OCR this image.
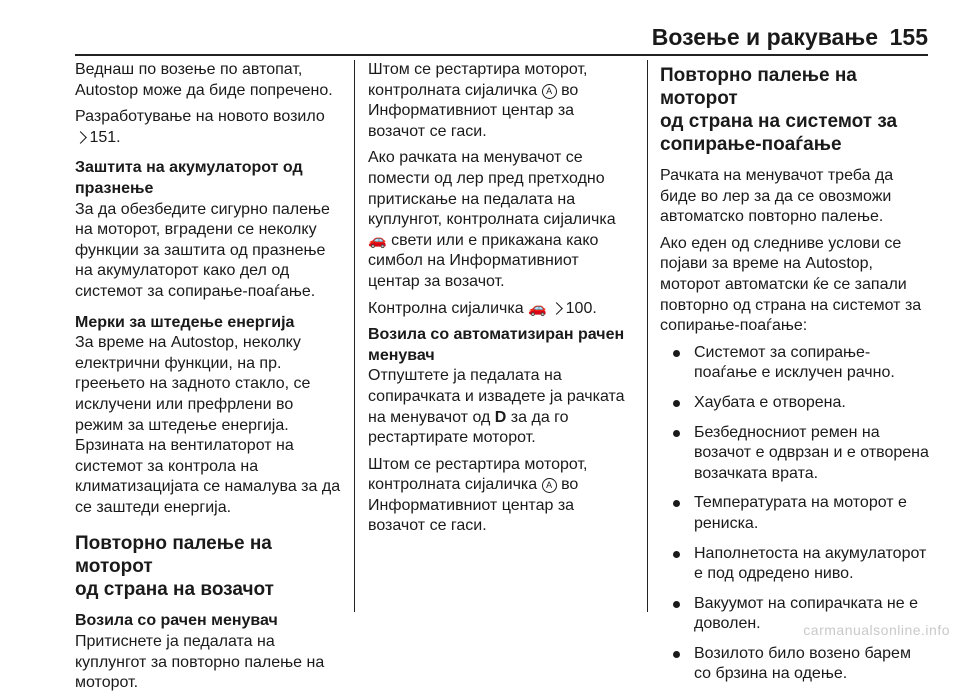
Возење и ракување 155

Веднаш по возење по автопат,
Autostop може да биде попречено.

Разработување на новото возило
151.

Заштита на акумулаторот од
празнење

За да обезбедите сигурно палење
на моторот, вградени се неколку
функции за заштита од празнење
на акумулаторот како дел од
системот за сопирање-поаѓање.

Мерки за штедење енергија

За време на Autostop, неколку
електрични функции, на пр.
греењето на задното стакло, се
исклучени или префрлени во
режим за штедење енергија.
Брзината на вентилаторот на
системот за контрола на
климатизацијата се намалува за да
се заштеди енергија.

Повторно палење на моторот
од страна на возачот
Возила со рачен менувач

Притиснете ја педалата на
куплунгот за повторно палење на
моторот.

Штом се рестартира моторот,
контролната сијаличка A во
Информативниот центар за
возачот се гаси.

Ако рачката на менувачот се
помести од лер пред претходно
притискање на педалата на
куплунгот, контролната сијаличка
🚗 свети или е прикажана како
симбол на Информативниот
центар за возачот.

Контролна сијаличка 🚗 100.

Возила со автоматизиран рачен
менувач

Отпуштете ја педалата на
сопирачката и извадете ја рачката
на менувачот од D за да го
рестартирате моторот.

Штом се рестартира моторот,
контролната сијаличка A во
Информативниот центар за
возачот се гаси.

Повторно палење на моторот
од страна на системот за
сопирање-поаѓање

Рачката на менувачот треба да
биде во лер за да се овозможи
автоматско повторно палење.

Ако еден од следниве услови се
појави за време на Autostop,
моторот автоматски ќе се запали
повторно од страна на системот за
сопирање-поаѓање:

Системот за сопирање-
поаѓање е исклучен рачно.
Хаубата е отворена.
Безбедносниот ремен на
возачот е одврзан и е отворена
возачката врата.
Температурата на моторот е
рениска.
Наполнетоста на акумулаторот
е под одредено ниво.
Вакуумот на сопирачката не е
доволен.
Возилото било возено барем
со брзина на одење.
carmanualsonline.info
